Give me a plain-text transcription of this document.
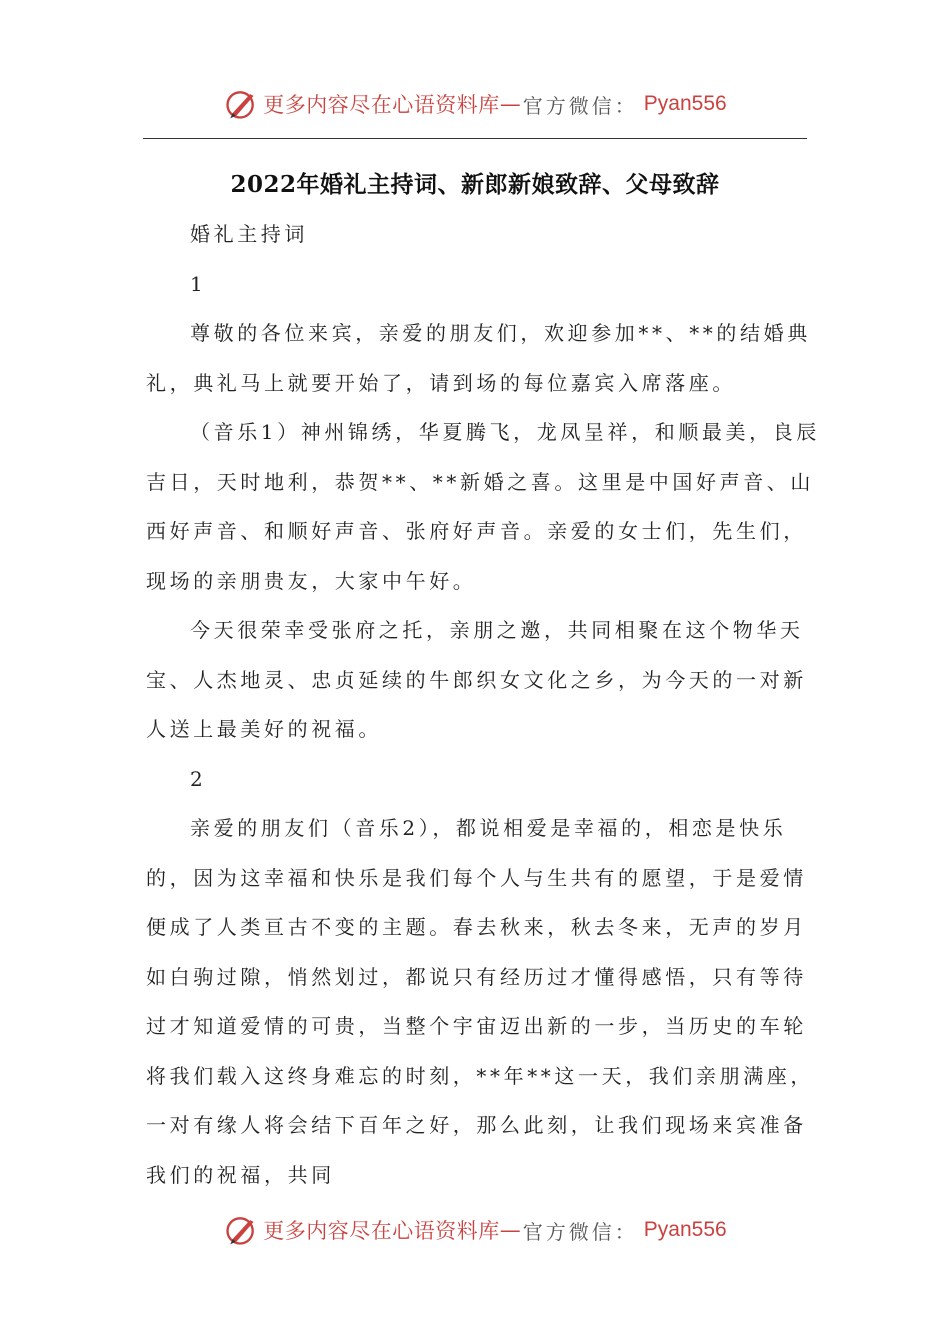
更多内容尽在心语资料库 — 官方微信： Pyan556
2022年婚礼主持词、新郎新娘致辞、父母致辞

婚礼主持词

1

尊敬的各位来宾，亲爱的朋友们，欢迎参加**、**的结婚典礼，典礼马上就要开始了，请到场的每位嘉宾入席落座。

（音乐1）神州锦绣，华夏腾飞，龙凤呈祥，和顺最美，良辰吉日，天时地利，恭贺**、**新婚之喜。这里是中国好声音、山西好声音、和顺好声音、张府好声音。亲爱的女士们，先生们，现场的亲朋贵友，大家中午好。

今天很荣幸受张府之托，亲朋之邀，共同相聚在这个物华天宝、人杰地灵、忠贞延续的牛郎织女文化之乡，为今天的一对新人送上最美好的祝福。

2

亲爱的朋友们（音乐2），都说相爱是幸福的，相恋是快乐的，因为这幸福和快乐是我们每个人与生共有的愿望，于是爱情便成了人类亘古不变的主题。春去秋来，秋去冬来，无声的岁月如白驹过隙，悄然划过，都说只有经历过才懂得感悟，只有等待过才知道爱情的可贵，当整个宇宙迈出新的一步，当历史的车轮将我们载入这终身难忘的时刻，**年**这一天，我们亲朋满座，一对有缘人将会结下百年之好，那么此刻，让我们现场来宾准备我们的祝福，共同

更多内容尽在心语资料库 — 官方微信： Pyan556
